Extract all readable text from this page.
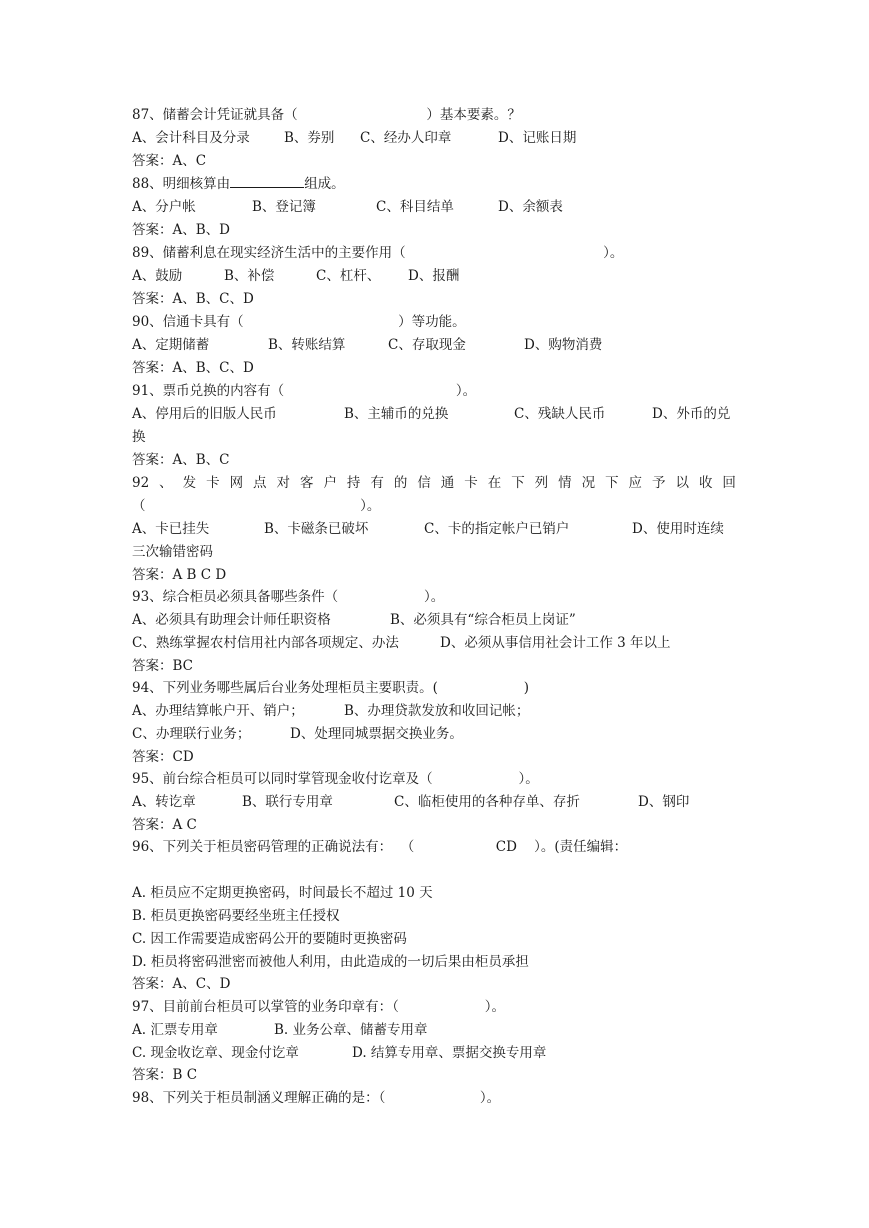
87、储蓄会计凭证就具备（                              ）基本要素。？

A、会计科目及分录

	B、券别

C、经办人印章

	D、记账日期

答案：A、C
88、明细核算由	组成。

A、分户帐

	B、登记簿

	C、科目结单

	D、余额表

答案：A、B、D
89、储蓄利息在现实经济生活中的主要作用（                                              ）。

A、鼓励

	B、补偿

	C、杠杆、

D、报酬

答案：A、B、C、D
90、信通卡具有（                                    ）等功能。

A、定期储蓄

	B、转账结算

	C、存取现金

	D、购物消费

答案：A、B、C、D
91、票币兑换的内容有（                                        ）。

A、停用后的旧版人民币

	B、主辅币的兑换

	C、残缺人民币

	D、外币的兑

换
答案：A、B、C
92 、 发 卡 网 点 对 客 户 持 有 的 信 通 卡 在 下 列 情 况 下 应 予 以 收 回
（                                                  ）。

A、卡已挂失

	B、卡磁条已破坏

	C、卡的指定帐户已销户

	D、使用时连续

三次输错密码
答案：A B C D
93、综合柜员必须具备哪些条件（                    ）。

A、必须具有助理会计师任职资格

	B、必须具有“综合柜员上岗证”

C、熟练掌握农村信用社内部各项规定、办法

	D、必须从事信用社会计工作 3 年以上

答案：BC
94、下列业务哪些属后台业务处理柜员主要职责。(                    )

A、办理结算帐户开、销户；

	B、办理贷款发放和收回记帐；

C、办理联行业务；

	D、处理同城票据交换业务。

答案：CD
95、前台综合柜员可以同时掌管现金收付讫章及（                    ）。

A、转讫章

	B、联行专用章

	C、临柜使用的各种存单、存折

	D、钢印

答案：A C
96、下列关于柜员密码管理的正确说法有：  （                   CD    ）。(责任编辑：
A. 柜员应不定期更换密码，时间最长不超过 10 天
B. 柜员更换密码要经坐班主任授权
C. 因工作需要造成密码公开的要随时更换密码
D. 柜员将密码泄密而被他人利用，由此造成的一切后果由柜员承担
答案：A、C、D
97、目前前台柜员可以掌管的业务印章有：（                    ）。

A. 汇票专用章

	B. 业务公章、储蓄专用章

C. 现金收讫章、现金付讫章

	D. 结算专用章、票据交换专用章

答案：B C
98、下列关于柜员制涵义理解正确的是：（                      ）。
